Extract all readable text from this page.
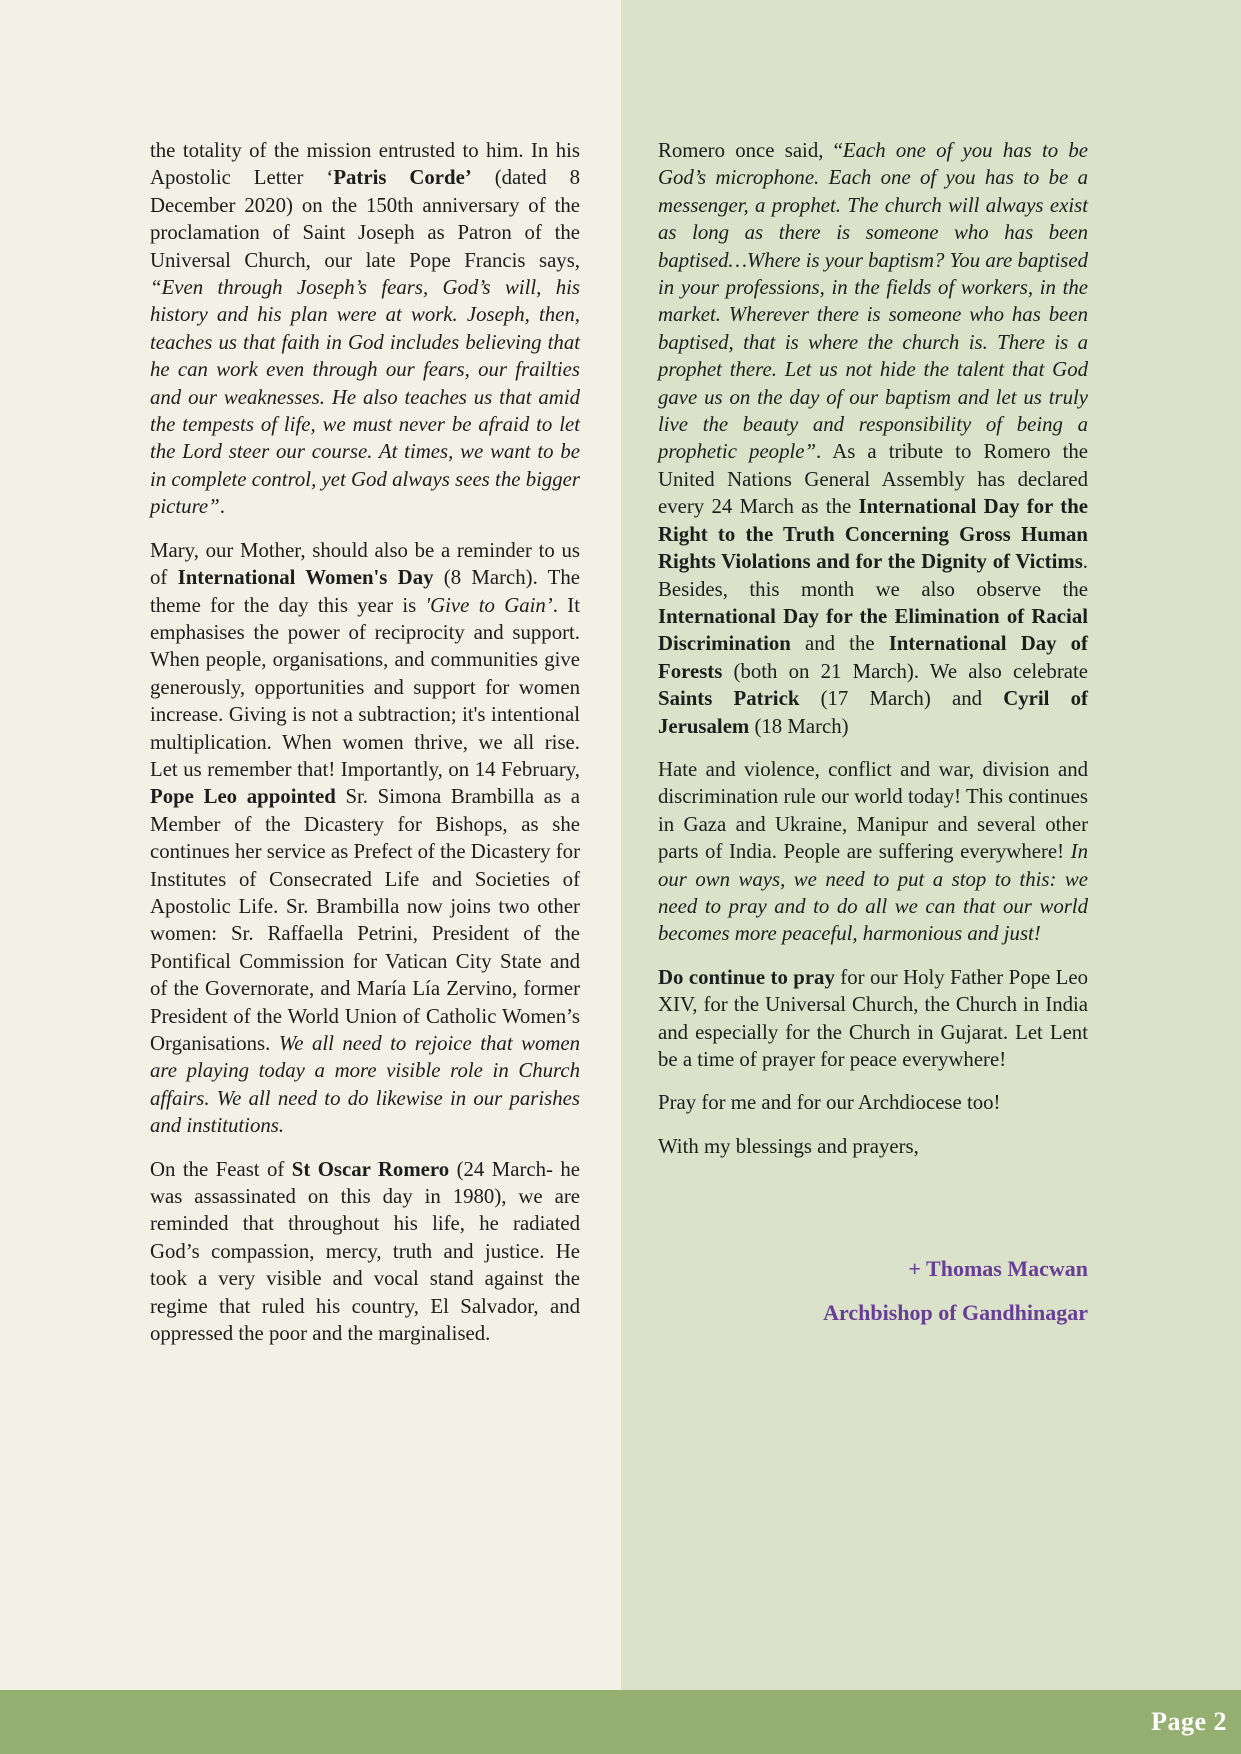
the totality of the mission entrusted to him. In his Apostolic Letter ‘Patris Corde’ (dated 8 December 2020) on the 150th anniversary of the proclamation of Saint Joseph as Patron of the Universal Church, our late Pope Francis says, “Even through Joseph’s fears, God’s will, his history and his plan were at work. Joseph, then, teaches us that faith in God includes believing that he can work even through our fears, our frailties and our weaknesses. He also teaches us that amid the tempests of life, we must never be afraid to let the Lord steer our course. At times, we want to be in complete control, yet God always sees the bigger picture”.

Mary, our Mother, should also be a reminder to us of International Women's Day (8 March). The theme for the day this year is 'Give to Gain’. It emphasises the power of reciprocity and support. When people, organisations, and communities give generously, opportunities and support for women increase. Giving is not a subtraction; it's intentional multiplication. When women thrive, we all rise. Let us remember that! Importantly, on 14 February, Pope Leo appointed Sr. Simona Brambilla as a Member of the Dicastery for Bishops, as she continues her service as Prefect of the Dicastery for Institutes of Consecrated Life and Societies of Apostolic Life. Sr. Brambilla now joins two other women: Sr. Raffaella Petrini, President of the Pontifical Commission for Vatican City State and of the Governorate, and María Lía Zervino, former President of the World Union of Catholic Women’s Organisations. We all need to rejoice that women are playing today a more visible role in Church affairs. We all need to do likewise in our parishes and institutions.

On the Feast of St Oscar Romero (24 March- he was assassinated on this day in 1980), we are reminded that throughout his life, he radiated God’s compassion, mercy, truth and justice. He took a very visible and vocal stand against the regime that ruled his country, El Salvador, and oppressed the poor and the marginalised.

Romero once said, “Each one of you has to be God’s microphone. Each one of you has to be a messenger, a prophet. The church will always exist as long as there is someone who has been baptised…Where is your baptism? You are baptised in your professions, in the fields of workers, in the market. Wherever there is someone who has been baptised, that is where the church is. There is a prophet there. Let us not hide the talent that God gave us on the day of our baptism and let us truly live the beauty and responsibility of being a prophetic people”. As a tribute to Romero the United Nations General Assembly has declared every 24 March as the International Day for the Right to the Truth Concerning Gross Human Rights Violations and for the Dignity of Victims. Besides, this month we also observe the International Day for the Elimination of Racial Discrimination and the International Day of Forests (both on 21 March). We also celebrate Saints Patrick (17 March) and Cyril of Jerusalem (18 March)

Hate and violence, conflict and war, division and discrimination rule our world today! This continues in Gaza and Ukraine, Manipur and several other parts of India. People are suffering everywhere! In our own ways, we need to put a stop to this: we need to pray and to do all we can that our world becomes more peaceful, harmonious and just!

Do continue to pray for our Holy Father Pope Leo XIV, for the Universal Church, the Church in India and especially for the Church in Gujarat. Let Lent be a time of prayer for peace everywhere!

Pray for me and for our Archdiocese too!

With my blessings and prayers,

+ Thomas Macwan
Archbishop of Gandhinagar
Page 2
